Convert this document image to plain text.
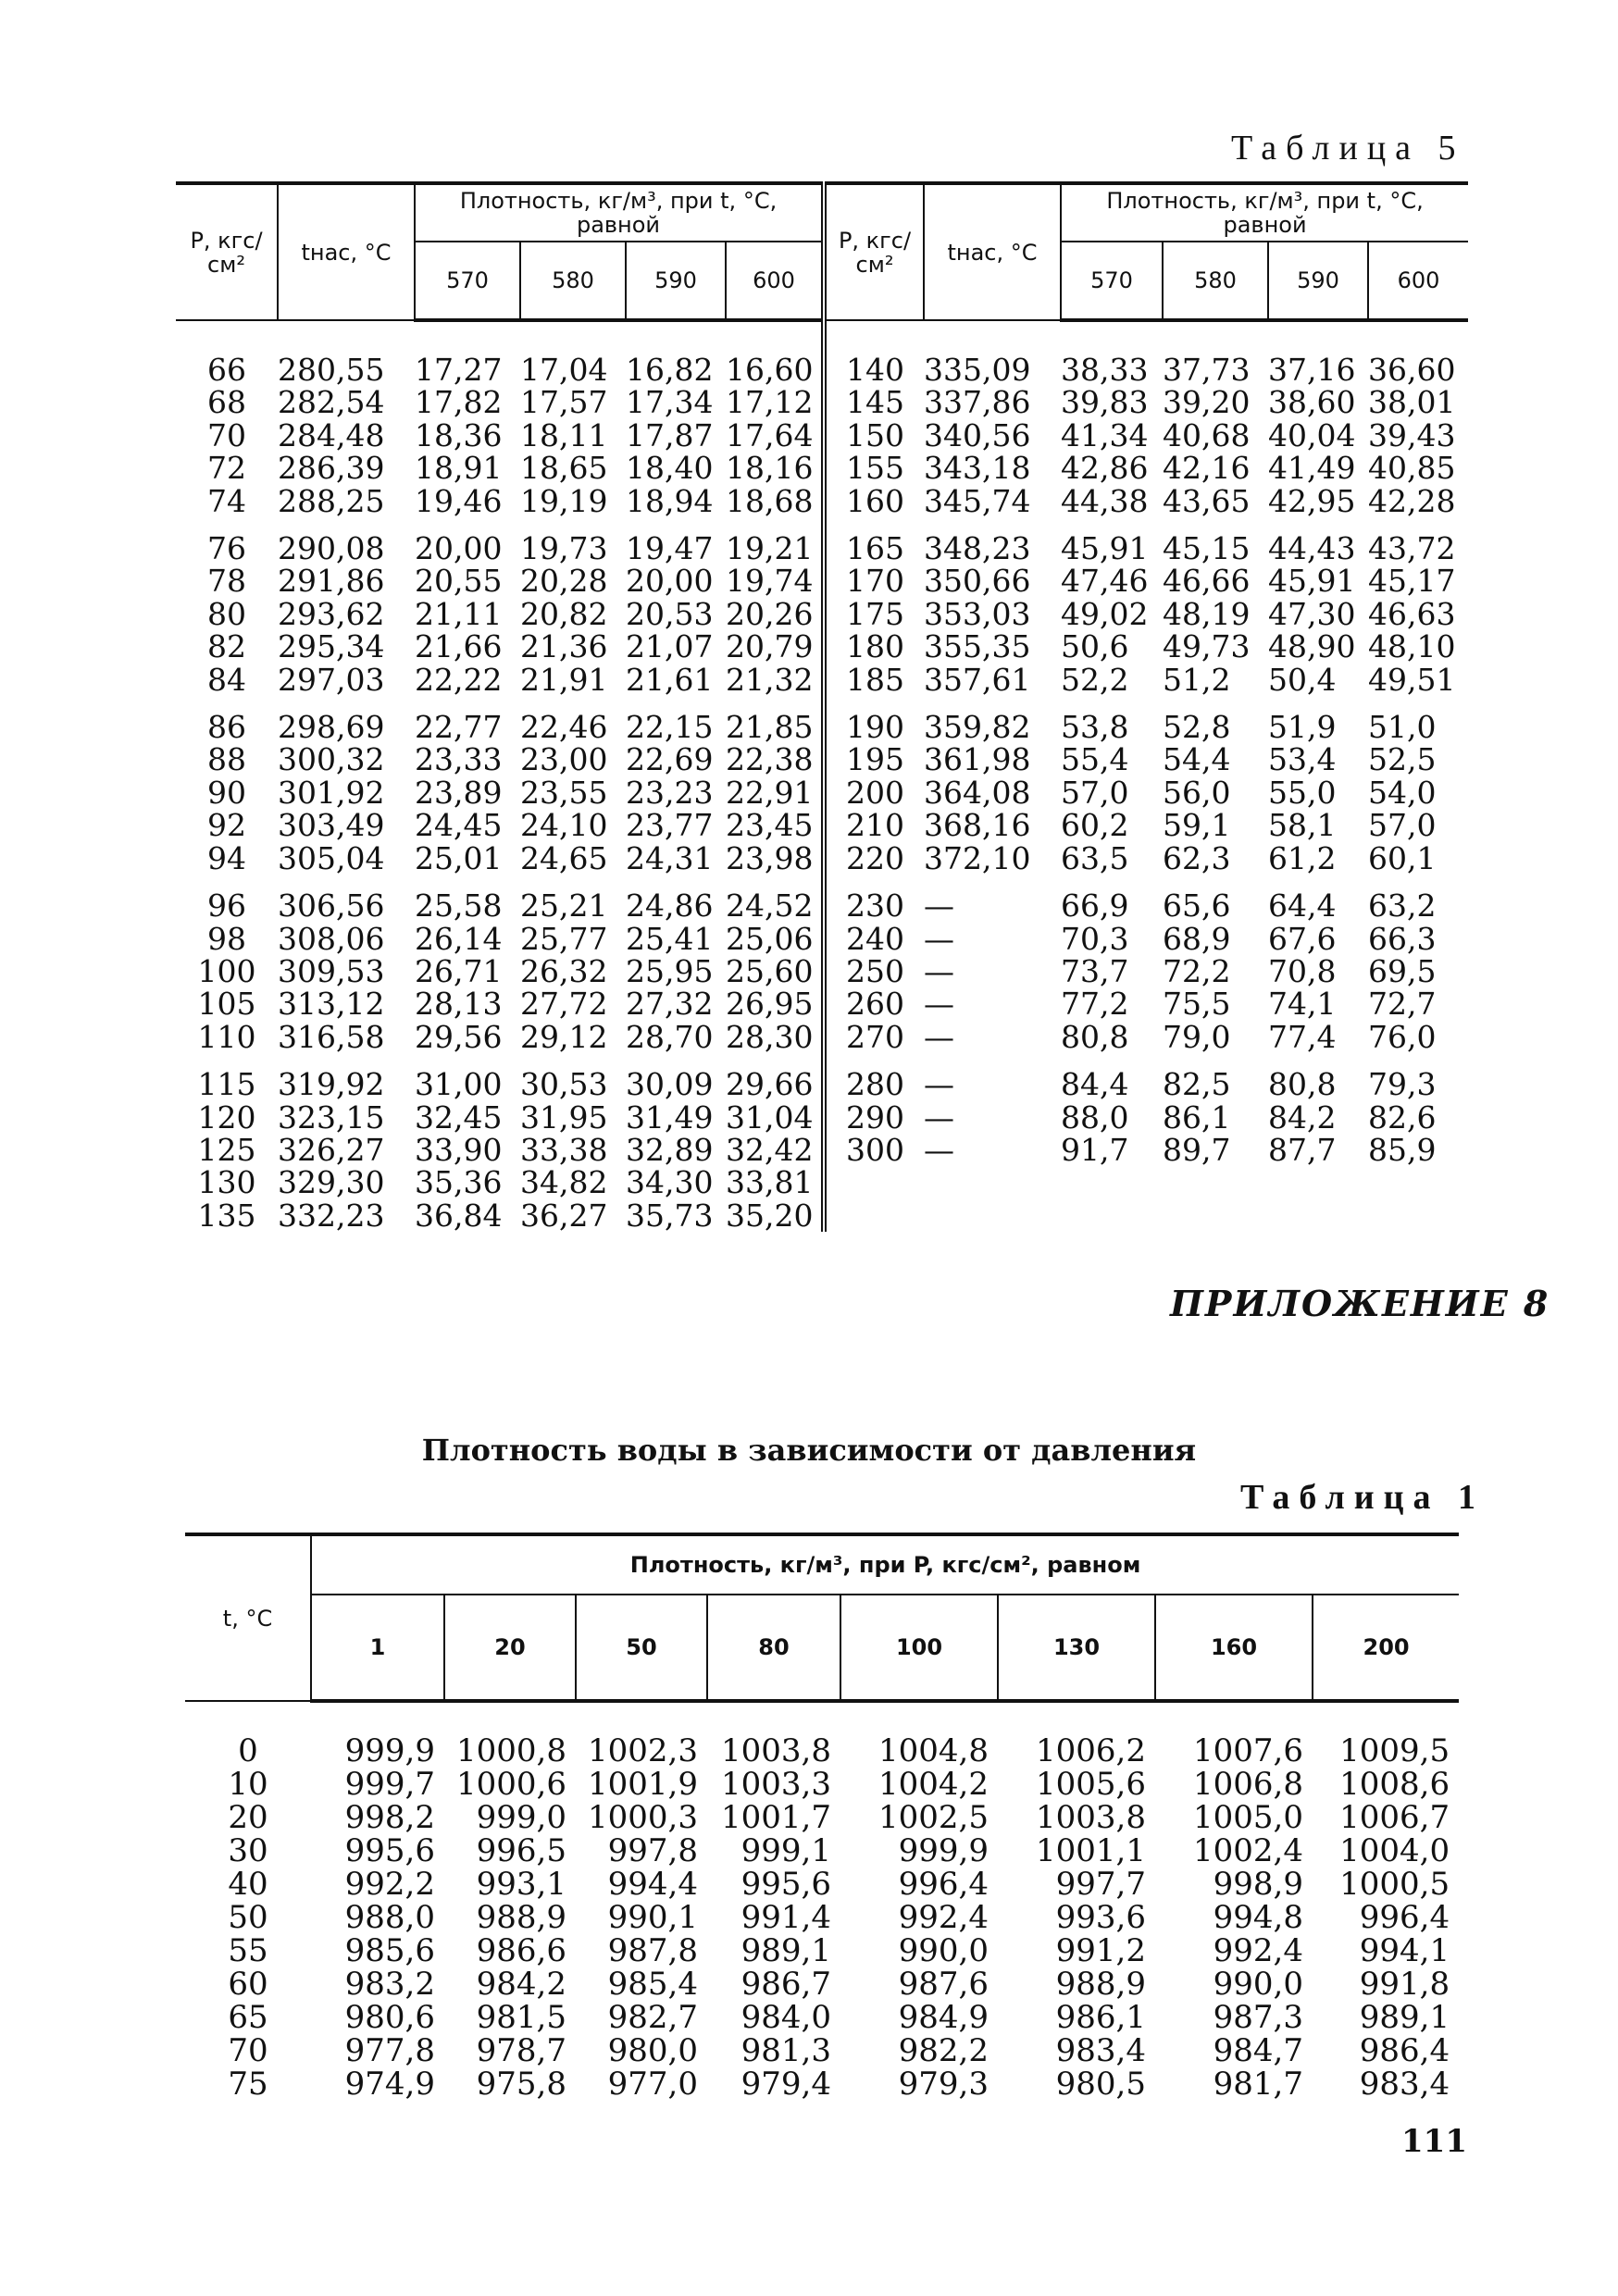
Таблица 5
P, кгс/см²	tнас, °C	Плотность, кг/м³, при t, °C, равной				P, кгс/см²	tнас, °C	Плотность, кг/м³, при t, °C, равной			
		570	580	590	600			570	580	590	600

66	280,55	17,27	17,04	16,82	16,60	140	335,09	38,33	37,73	37,16	36,60
68	282,54	17,82	17,57	17,34	17,12	145	337,86	39,83	39,20	38,60	38,01
70	284,48	18,36	18,11	17,87	17,64	150	340,56	41,34	40,68	40,04	39,43
72	286,39	18,91	18,65	18,40	18,16	155	343,18	42,86	42,16	41,49	40,85
74	288,25	19,46	19,19	18,94	18,68	160	345,74	44,38	43,65	42,95	42,28
76	290,08	20,00	19,73	19,47	19,21	165	348,23	45,91	45,15	44,43	43,72
78	291,86	20,55	20,28	20,00	19,74	170	350,66	47,46	46,66	45,91	45,17
80	293,62	21,11	20,82	20,53	20,26	175	353,03	49,02	48,19	47,30	46,63
82	295,34	21,66	21,36	21,07	20,79	180	355,35	50,6	49,73	48,90	48,10
84	297,03	22,22	21,91	21,61	21,32	185	357,61	52,2	51,2	50,4	49,51
86	298,69	22,77	22,46	22,15	21,85	190	359,82	53,8	52,8	51,9	51,0
88	300,32	23,33	23,00	22,69	22,38	195	361,98	55,4	54,4	53,4	52,5
90	301,92	23,89	23,55	23,23	22,91	200	364,08	57,0	56,0	55,0	54,0
92	303,49	24,45	24,10	23,77	23,45	210	368,16	60,2	59,1	58,1	57,0
94	305,04	25,01	24,65	24,31	23,98	220	372,10	63,5	62,3	61,2	60,1
96	306,56	25,58	25,21	24,86	24,52	230	—	66,9	65,6	64,4	63,2
98	308,06	26,14	25,77	25,41	25,06	240	—	70,3	68,9	67,6	66,3
100	309,53	26,71	26,32	25,95	25,60	250	—	73,7	72,2	70,8	69,5
105	313,12	28,13	27,72	27,32	26,95	260	—	77,2	75,5	74,1	72,7
110	316,58	29,56	29,12	28,70	28,30	270	—	80,8	79,0	77,4	76,0
115	319,92	31,00	30,53	30,09	29,66	280	—	84,4	82,5	80,8	79,3
120	323,15	32,45	31,95	31,49	31,04	290	—	88,0	86,1	84,2	82,6
125	326,27	33,90	33,38	32,89	32,42	300	—	91,7	89,7	87,7	85,9
130	329,30	35,36	34,82	34,30	33,81						
135	332,23	36,84	36,27	35,73	35,20						
ПРИЛОЖЕНИЕ 8
Плотность воды в зависимости от давления
Таблица 1
t, °C	Плотность, кг/м³, при P, кгс/см², равном							
	1	20	50	80	100	130	160	200

0	999,9	1000,8	1002,3	1003,8	1004,8	1006,2	1007,6	1009,5
10	999,7	1000,6	1001,9	1003,3	1004,2	1005,6	1006,8	1008,6
20	998,2	999,0	1000,3	1001,7	1002,5	1003,8	1005,0	1006,7
30	995,6	996,5	997,8	999,1	999,9	1001,1	1002,4	1004,0
40	992,2	993,1	994,4	995,6	996,4	997,7	998,9	1000,5
50	988,0	988,9	990,1	991,4	992,4	993,6	994,8	996,4
55	985,6	986,6	987,8	989,1	990,0	991,2	992,4	994,1
60	983,2	984,2	985,4	986,7	987,6	988,9	990,0	991,8
65	980,6	981,5	982,7	984,0	984,9	986,1	987,3	989,1
70	977,8	978,7	980,0	981,3	982,2	983,4	984,7	986,4
75	974,9	975,8	977,0	979,4	979,3	980,5	981,7	983,4
111
